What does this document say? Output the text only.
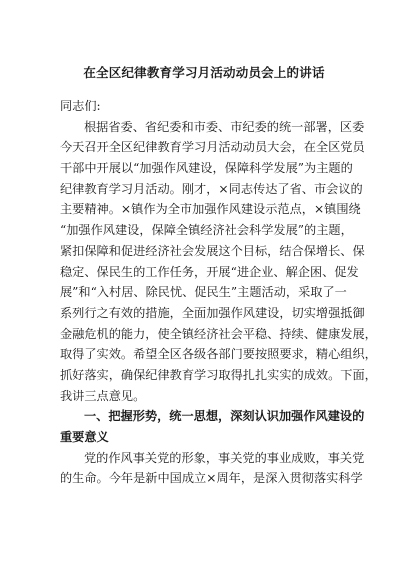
在全区纪律教育学习月活动动员会上的讲话
同志们:
根据省委、省纪委和市委、市纪委的统一部署，区委
今天召开全区纪律教育学习月活动动员大会，在全区党员
干部中开展以“加强作风建设，保障科学发展”为主题的
纪律教育学习月活动。刚才，×同志传达了省、市会议的
主要精神。×镇作为全市加强作风建设示范点，×镇围绕
“加强作风建设，保障全镇经济社会科学发展”的主题，
紧扣保障和促进经济社会发展这个目标，结合保增长、保
稳定、保民生的工作任务，开展“进企业、解企困、促发
展”和“入村居、除民忧、促民生”主题活动，采取了一
系列行之有效的措施，全面加强作风建设，切实增强抵御
金融危机的能力，使全镇经济社会平稳、持续、健康发展，
取得了实效。希望全区各级各部门要按照要求，精心组织，
抓好落实，确保纪律教育学习取得扎扎实实的成效。下面，
我讲三点意见。
一、把握形势，统一思想，深刻认识加强作风建设的
重要意义
党的作风事关党的形象，事关党的事业成败，事关党
的生命。今年是新中国成立×周年，是深入贯彻落实科学
